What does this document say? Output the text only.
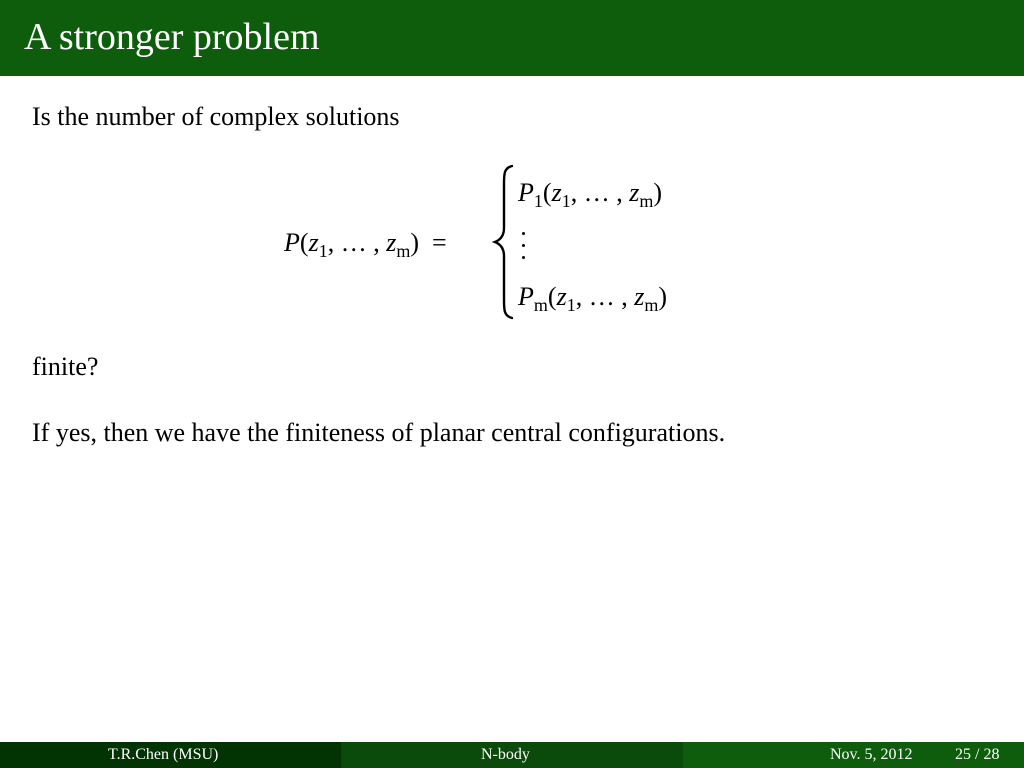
A stronger problem
Is the number of complex solutions
$P(z_1$, … , $z_m$)  =
$P_1(z_1$, … , $z_m$)
$P_m(z_1$, … , $z_m$)
finite?
If yes, then we have the finiteness of planar central configurations.
T.R.Chen (MSU)	N-body	Nov. 5, 2012	25 / 28
